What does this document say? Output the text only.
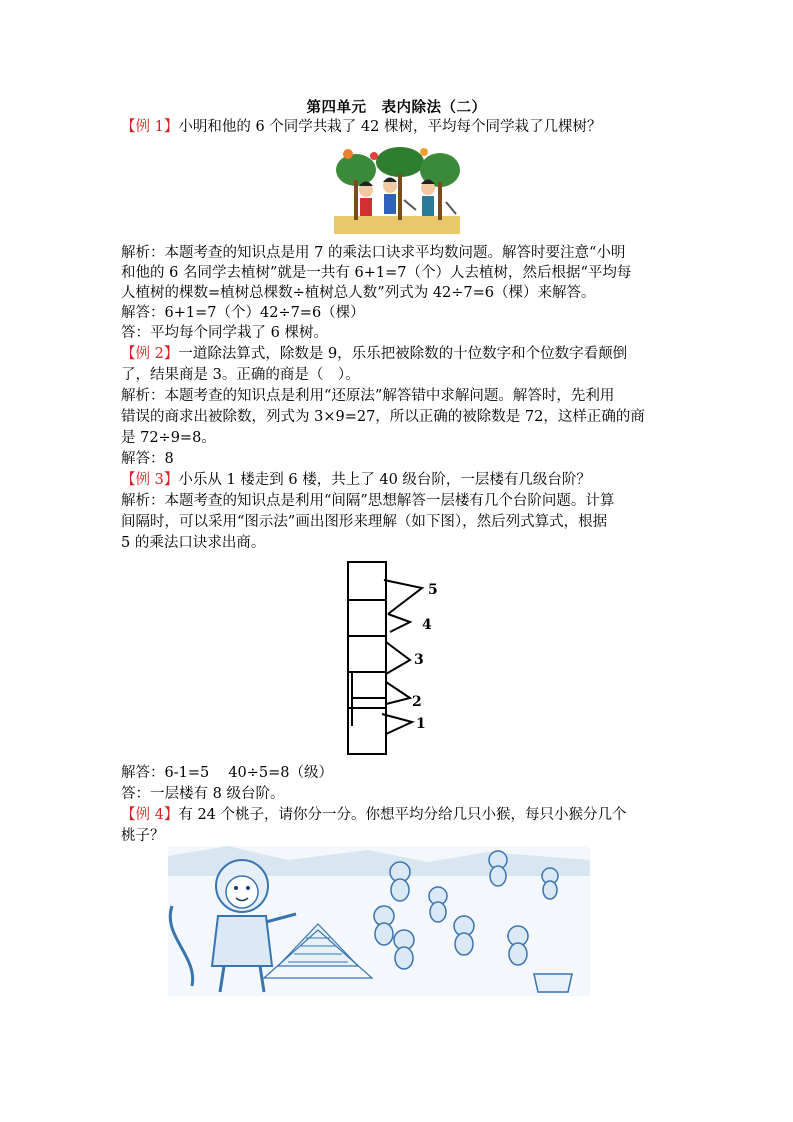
第四单元　表内除法（二）
【例 1】小明和他的 6 个同学共栽了 42 棵树，平均每个同学栽了几棵树？
解析：本题考查的知识点是用 7 的乘法口诀求平均数问题。解答时要注意“小明
和他的 6 名同学去植树”就是一共有 6+1=7（个）人去植树，然后根据“平均每
人植树的棵数=植树总棵数÷植树总人数”列式为 42÷7=6（棵）来解答。
解答：6+1=7（个）42÷7=6（棵）
答：平均每个同学栽了 6 棵树。
【例 2】一道除法算式，除数是 9，乐乐把被除数的十位数字和个位数字看颠倒
了，结果商是 3。正确的商是（　）。
解析：本题考查的知识点是利用“还原法”解答错中求解问题。解答时，先利用
错误的商求出被除数，列式为 3×9=27，所以正确的被除数是 72，这样正确的商
是 72÷9=8。
解答：8
【例 3】小乐从 1 楼走到 6 楼，共上了 40 级台阶，一层楼有几级台阶？
解析：本题考查的知识点是利用“间隔”思想解答一层楼有几个台阶问题。计算
间隔时，可以采用“图示法”画出图形来理解（如下图），然后列式算式，根据
5 的乘法口诀求出商。
5
4
3
2
1
解答：6-1=5　 40÷5=8（级）
答：一层楼有 8 级台阶。
【例 4】有 24 个桃子，请你分一分。你想平均分给几只小猴，每只小猴分几个
桃子？
